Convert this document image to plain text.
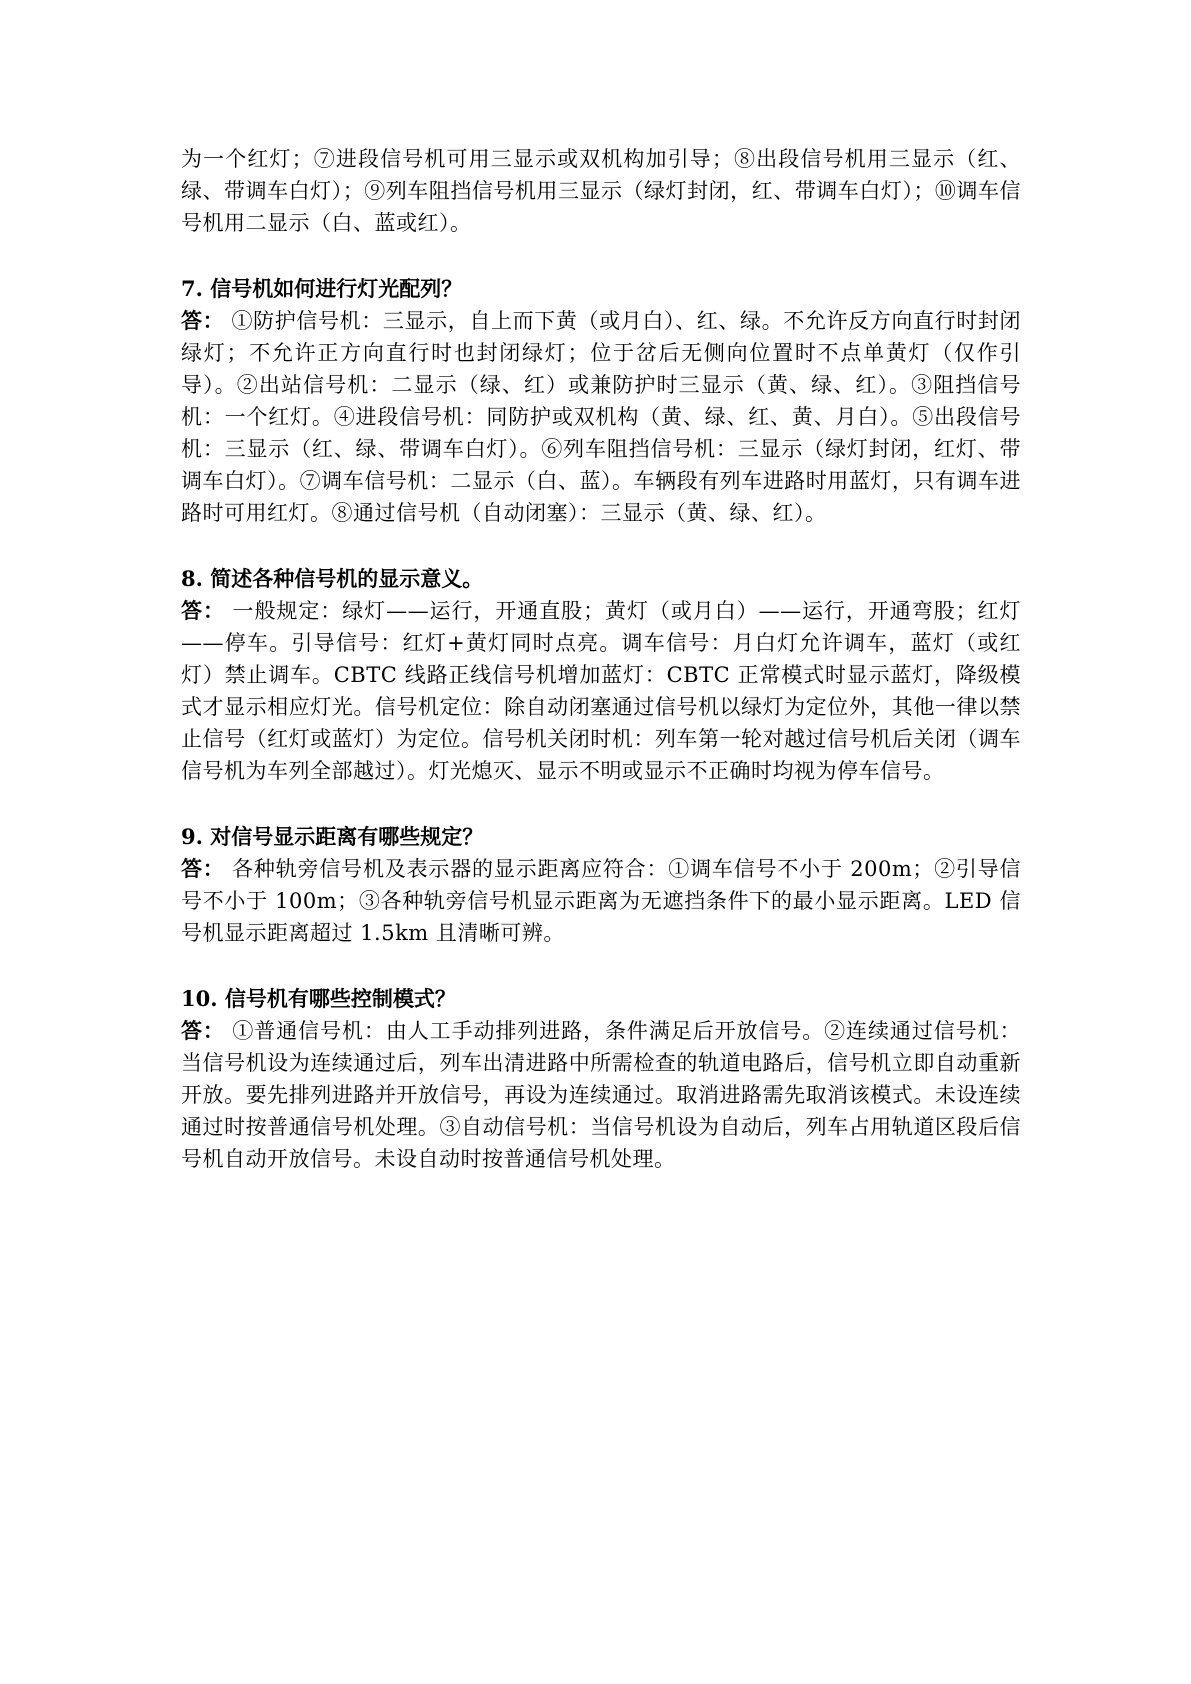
为一个红灯；⑦进段信号机可用三显示或双机构加引导；⑧出段信号机用三显示（红、绿、带调车白灯）；⑨列车阻挡信号机用三显示（绿灯封闭，红、带调车白灯）；⑩调车信号机用二显示（白、蓝或红）。

7. 信号机如何进行灯光配列？

答： ①防护信号机：三显示，自上而下黄（或月白）、红、绿。不允许反方向直行时封闭绿灯；不允许正方向直行时也封闭绿灯；位于岔后无侧向位置时不点单黄灯（仅作引导）。②出站信号机：二显示（绿、红）或兼防护时三显示（黄、绿、红）。③阻挡信号机：一个红灯。④进段信号机：同防护或双机构（黄、绿、红、黄、月白）。⑤出段信号机：三显示（红、绿、带调车白灯）。⑥列车阻挡信号机：三显示（绿灯封闭，红灯、带调车白灯）。⑦调车信号机：二显示（白、蓝）。车辆段有列车进路时用蓝灯，只有调车进路时可用红灯。⑧通过信号机（自动闭塞）：三显示（黄、绿、红）。

8. 简述各种信号机的显示意义。

答： 一般规定：绿灯——运行，开通直股；黄灯（或月白）——运行，开通弯股；红灯——停车。引导信号：红灯+黄灯同时点亮。调车信号：月白灯允许调车，蓝灯（或红灯）禁止调车。CBTC 线路正线信号机增加蓝灯：CBTC 正常模式时显示蓝灯，降级模式才显示相应灯光。信号机定位：除自动闭塞通过信号机以绿灯为定位外，其他一律以禁止信号（红灯或蓝灯）为定位。信号机关闭时机：列车第一轮对越过信号机后关闭（调车信号机为车列全部越过）。灯光熄灭、显示不明或显示不正确时均视为停车信号。

9. 对信号显示距离有哪些规定？

答： 各种轨旁信号机及表示器的显示距离应符合：①调车信号不小于 200m；②引导信号不小于 100m；③各种轨旁信号机显示距离为无遮挡条件下的最小显示距离。LED 信号机显示距离超过 1.5km 且清晰可辨。

10. 信号机有哪些控制模式？

答： ①普通信号机：由人工手动排列进路，条件满足后开放信号。②连续通过信号机：当信号机设为连续通过后，列车出清进路中所需检查的轨道电路后，信号机立即自动重新开放。要先排列进路并开放信号，再设为连续通过。取消进路需先取消该模式。未设连续通过时按普通信号机处理。③自动信号机：当信号机设为自动后，列车占用轨道区段后信号机自动开放信号。未设自动时按普通信号机处理。
